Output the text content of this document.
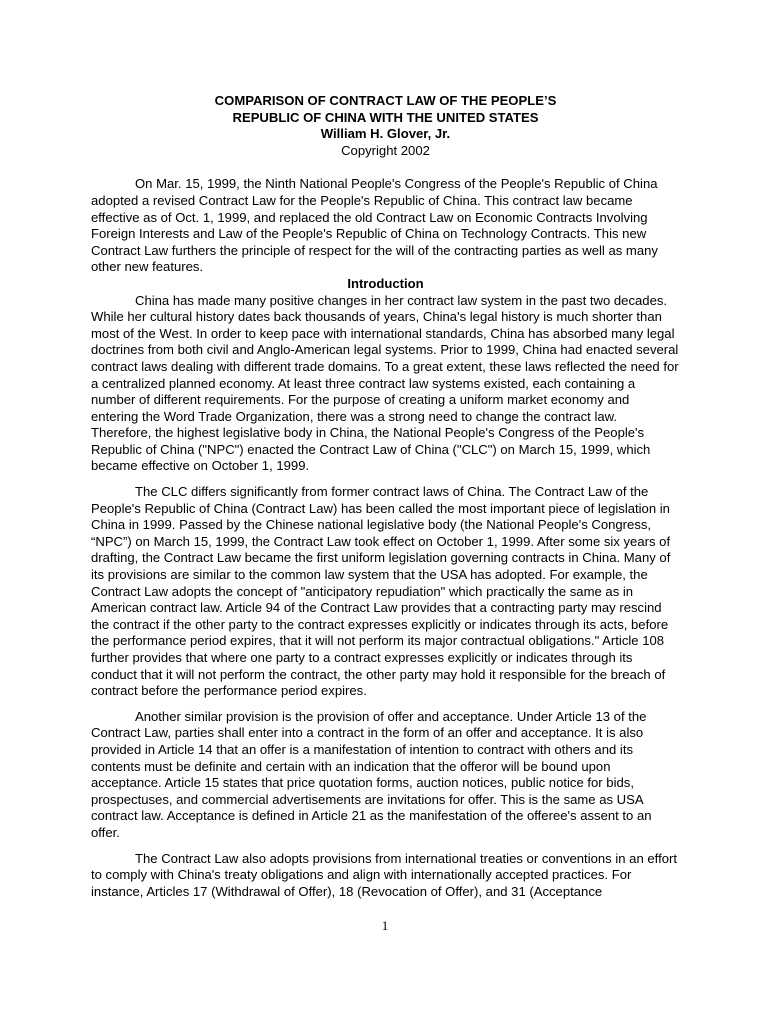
COMPARISON OF CONTRACT LAW OF THE PEOPLE’S
REPUBLIC OF CHINA WITH THE UNITED STATES
William H. Glover, Jr.
Copyright 2002

On Mar. 15, 1999, the Ninth National People's Congress of the People's Republic of China adopted a revised Contract Law for the People's Republic of China. This contract law became effective as of Oct. 1, 1999, and replaced the old Contract Law on Economic Contracts Involving Foreign Interests and Law of the People's Republic of China on Technology Contracts. This new Contract Law furthers the principle of respect for the will of the contracting parties as well as many other new features.

Introduction

China has made many positive changes in her contract law system in the past two decades. While her cultural history dates back thousands of years, China's legal history is much shorter than most of the West. In order to keep pace with international standards, China has absorbed many legal doctrines from both civil and Anglo-American legal systems. Prior to 1999, China had enacted several contract laws dealing with different trade domains. To a great extent, these laws reflected the need for a centralized planned economy. At least three contract law systems existed, each containing a number of different requirements. For the purpose of creating a uniform market economy and entering the Word Trade Organization, there was a strong need to change the contract law. Therefore, the highest legislative body in China, the National People's Congress of the People's Republic of China ("NPC") enacted the Contract Law of China ("CLC") on March 15, 1999, which became effective on October 1, 1999.

The CLC differs significantly from former contract laws of China. The Contract Law of the People's Republic of China (Contract Law) has been called the most important piece of legislation in China in 1999. Passed by the Chinese national legislative body (the National People's Congress, “NPC”) on March 15, 1999, the Contract Law took effect on October 1, 1999. After some six years of drafting, the Contract Law became the first uniform legislation governing contracts in China. Many of its provisions are similar to the common law system that the USA has adopted. For example, the Contract Law adopts the concept of "anticipatory repudiation" which practically the same as in American contract law. Article 94 of the Contract Law provides that a contracting party may rescind the contract if the other party to the contract expresses explicitly or indicates through its acts, before the performance period expires, that it will not perform its major contractual obligations." Article 108 further provides that where one party to a contract expresses explicitly or indicates through its conduct that it will not perform the contract, the other party may hold it responsible for the breach of contract before the performance period expires.

Another similar provision is the provision of offer and acceptance. Under Article 13 of the Contract Law, parties shall enter into a contract in the form of an offer and acceptance. It is also provided in Article 14 that an offer is a manifestation of intention to contract with others and its contents must be definite and certain with an indication that the offeror will be bound upon acceptance. Article 15 states that price quotation forms, auction notices, public notice for bids, prospectuses, and commercial advertisements are invitations for offer. This is the same as USA contract law. Acceptance is defined in Article 21 as the manifestation of the offeree's assent to an offer.

The Contract Law also adopts provisions from international treaties or conventions in an effort to comply with China's treaty obligations and align with internationally accepted practices. For instance, Articles 17 (Withdrawal of Offer), 18 (Revocation of Offer), and 31 (Acceptance

1
